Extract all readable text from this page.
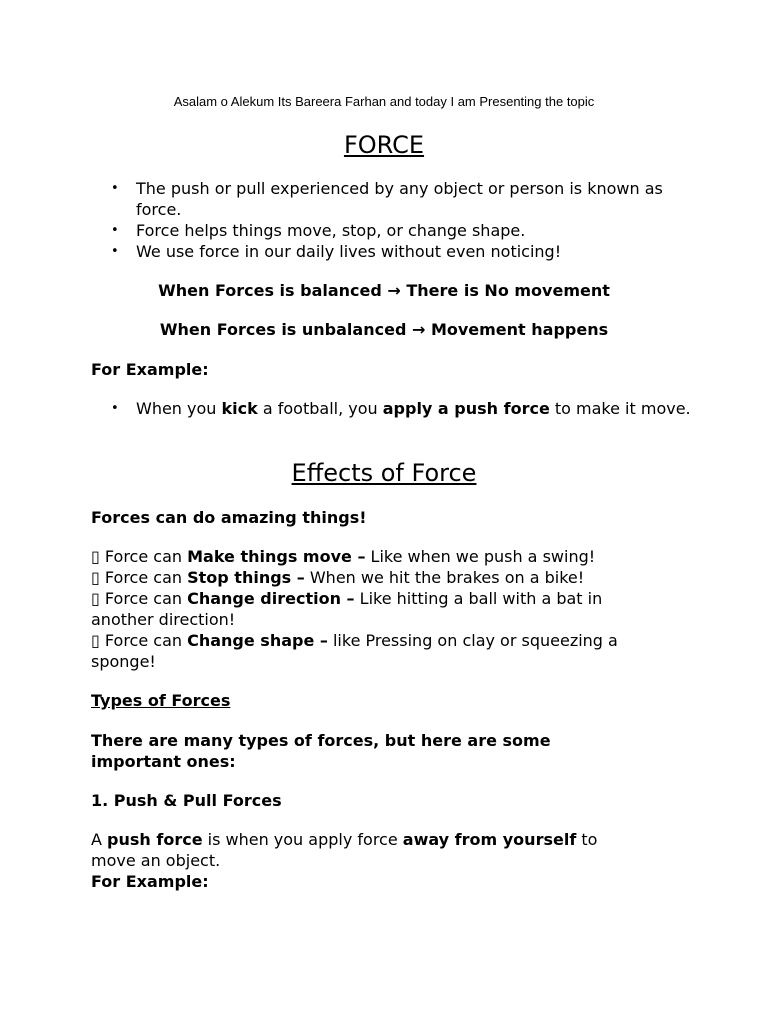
Asalam o Alekum Its Bareera Farhan and today I am Presenting the topic
FORCE
• The push or pull experienced by any object or person is known as force.
• Force helps things move, stop, or change shape.
• We use force in our daily lives without even noticing!
When Forces is balanced → There is No movement
When Forces is unbalanced → Movement happens
For Example:
• When you kick a football, you apply a push force to make it move.
Effects of Force
Forces can do amazing things!
▯ Force can Make things move – Like when we push a swing!
▯ Force can Stop things – When we hit the brakes on a bike!
▯ Force can Change direction – Like hitting a ball with a bat in
another direction!
▯ Force can Change shape – like Pressing on clay or squeezing a
sponge!
Types of Forces
There are many types of forces, but here are some
important ones:
1. Push & Pull Forces
A push force is when you apply force away from yourself to
move an object.
For Example:
